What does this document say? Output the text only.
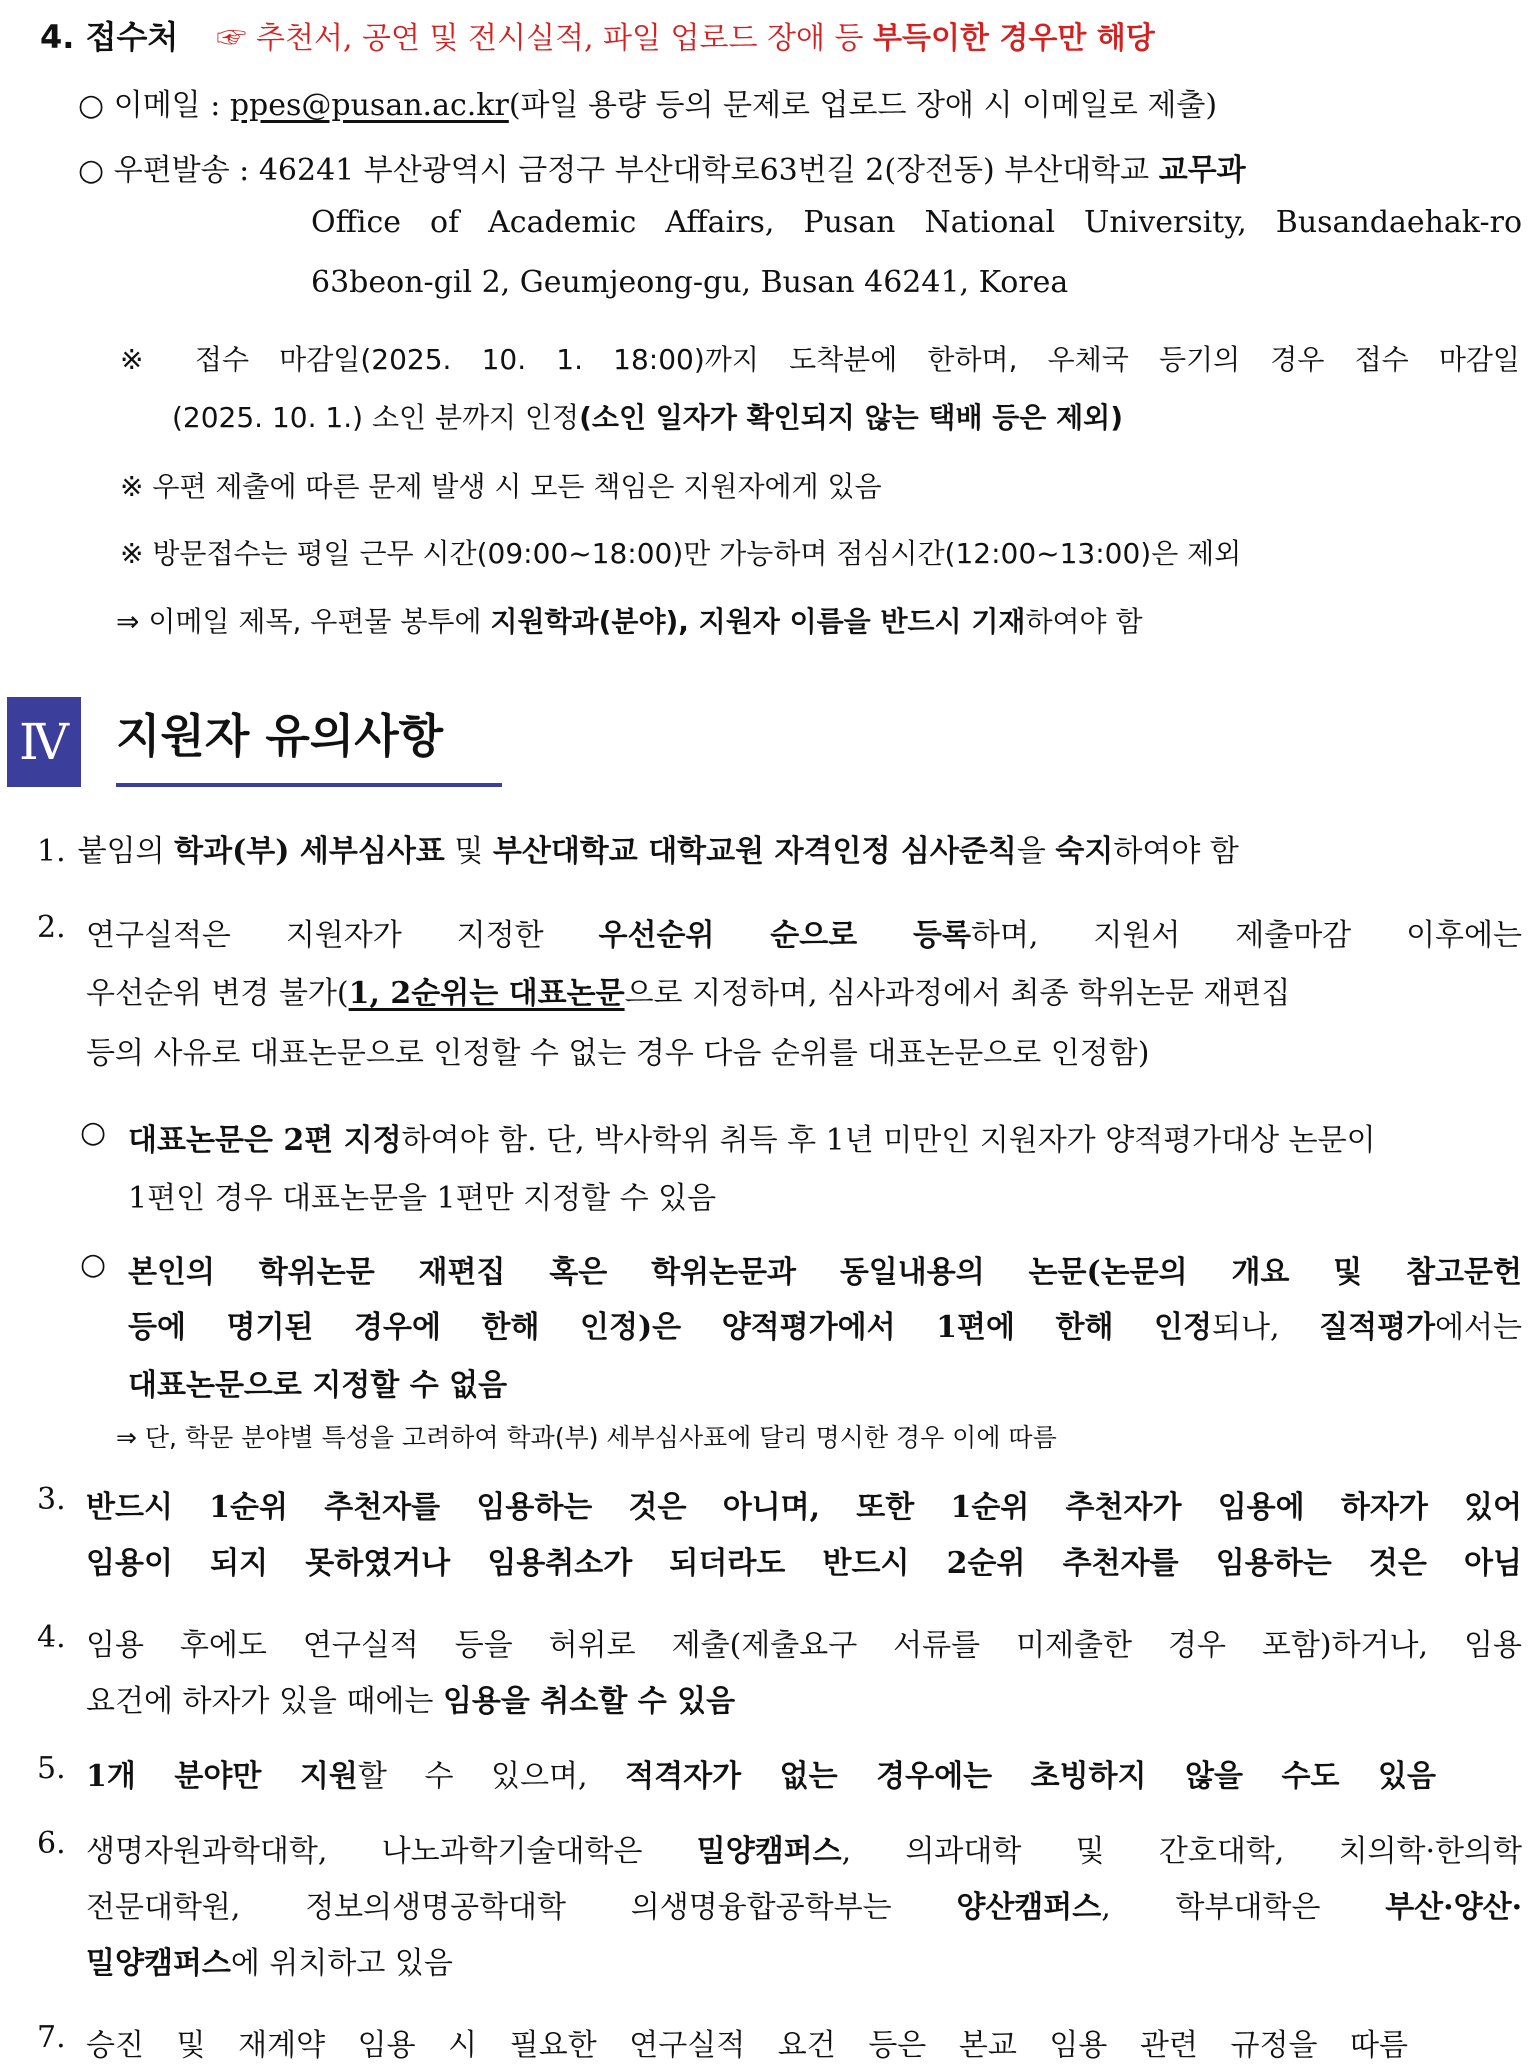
4. 접수처 ☞ 추천서, 공연 및 전시실적, 파일 업로드 장애 등 부득이한 경우만 해당
○ 이메일 : ppes@pusan.ac.kr(파일 용량 등의 문제로 업로드 장애 시 이메일로 제출)
○ 우편발송 : 46241 부산광역시 금정구 부산대학로63번길 2(장전동) 부산대학교 교무과
Office of Academic Affairs, Pusan National University, Busandaehak-ro
63beon-gil 2, Geumjeong-gu, Busan 46241, Korea
※ 접수 마감일(2025. 10. 1. 18:00)까지 도착분에 한하며, 우체국 등기의 경우 접수 마감일
(2025. 10. 1.) 소인 분까지 인정(소인 일자가 확인되지 않는 택배 등은 제외)
※ 우편 제출에 따른 문제 발생 시 모든 책임은 지원자에게 있음
※ 방문접수는 평일 근무 시간(09:00~18:00)만 가능하며 점심시간(12:00~13:00)은 제외
⇒ 이메일 제목, 우편물 봉투에 지원학과(분야), 지원자 이름을 반드시 기재하여야 함
Ⅳ 지원자 유의사항
1. 붙임의 학과(부) 세부심사표 및 부산대학교 대학교원 자격인정 심사준칙을 숙지하여야 함
2. 연구실적은 지원자가 지정한 우선순위 순으로 등록하며, 지원서 제출마감 이후에는
우선순위 변경 불가(1, 2순위는 대표논문으로 지정하며, 심사과정에서 최종 학위논문 재편집
등의 사유로 대표논문으로 인정할 수 없는 경우 다음 순위를 대표논문으로 인정함)
○ 대표논문은 2편 지정하여야 함. 단, 박사학위 취득 후 1년 미만인 지원자가 양적평가대상 논문이
1편인 경우 대표논문을 1편만 지정할 수 있음
○ 본인의 학위논문 재편집 혹은 학위논문과 동일내용의 논문(논문의 개요 및 참고문헌
등에 명기된 경우에 한해 인정)은 양적평가에서 1편에 한해 인정되나, 질적평가에서는
대표논문으로 지정할 수 없음
⇒ 단, 학문 분야별 특성을 고려하여 학과(부) 세부심사표에 달리 명시한 경우 이에 따름
3. 반드시 1순위 추천자를 임용하는 것은 아니며, 또한 1순위 추천자가 임용에 하자가 있어
임용이 되지 못하였거나 임용취소가 되더라도 반드시 2순위 추천자를 임용하는 것은 아님
4. 임용 후에도 연구실적 등을 허위로 제출(제출요구 서류를 미제출한 경우 포함)하거나, 임용
요건에 하자가 있을 때에는 임용을 취소할 수 있음
5. 1개 분야만 지원할 수 있으며, 적격자가 없는 경우에는 초빙하지 않을 수도 있음
6. 생명자원과학대학, 나노과학기술대학은 밀양캠퍼스, 의과대학 및 간호대학, 치의학·한의학
전문대학원, 정보의생명공학대학 의생명융합공학부는 양산캠퍼스, 학부대학은 부산·양산·
밀양캠퍼스에 위치하고 있음
7. 승진 및 재계약 임용 시 필요한 연구실적 요건 등은 본교 임용 관련 규정을 따름
